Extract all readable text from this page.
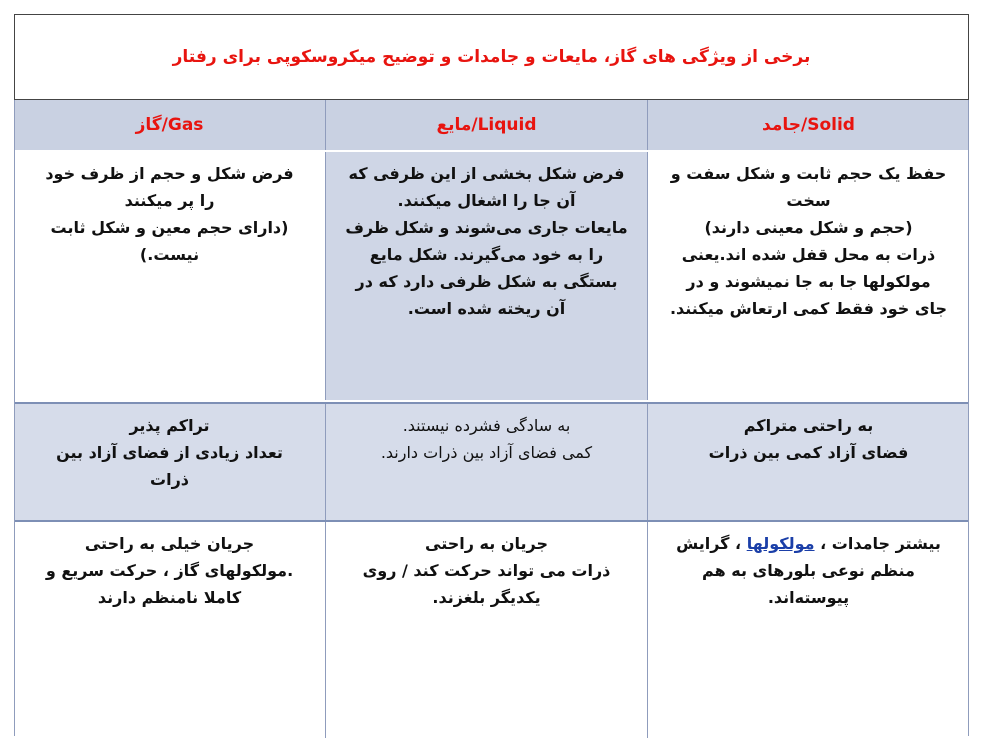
برخی از ویژگی های گاز، مایعات و جامدات و توضیح میکروسکوپی برای رفتار
Gas/گاز	Liquid/مایع	Solid/جامد
فرض شکل و حجم از ظرف خود
را پر میکنند
(دارای حجم معین و شکل ثابت
نیست.)
فرض شکل بخشی از این ظرفی که
آن جا را اشغال میکنند.
مایعات جاری می‌شوند و شکل ظرف
را به خود می‌گیرند. شکل مایع
بستگی به شکل ظرفی دارد که در
آن ریخته شده است.
حفظ یک حجم ثابت و شکل سفت و
سخت
(حجم و شکل معینی دارند)
ذرات به محل قفل شده اند.یعنی
مولکولها جا به جا نمیشوند و در
جای خود فقط کمی ارتعاش میکنند.
تراکم پذیر
تعداد زیادی از فضای آزاد بین
ذرات
به سادگی فشرده نیستند.
کمی فضای آزاد بین ذرات دارند.
به راحتی متراکم
فضای آزاد کمی بین ذرات
جریان خیلی به راحتی
.مولکولهای گاز ، حرکت سریع و
کاملا نامنظم دارند
جریان به راحتی
ذرات می تواند حرکت کند / روی
یکدیگر بلغزند.
بیشتر جامدات ، مولکولها ، گرایش
منظم نوعی بلورهای به هم
پیوسته‌اند.
